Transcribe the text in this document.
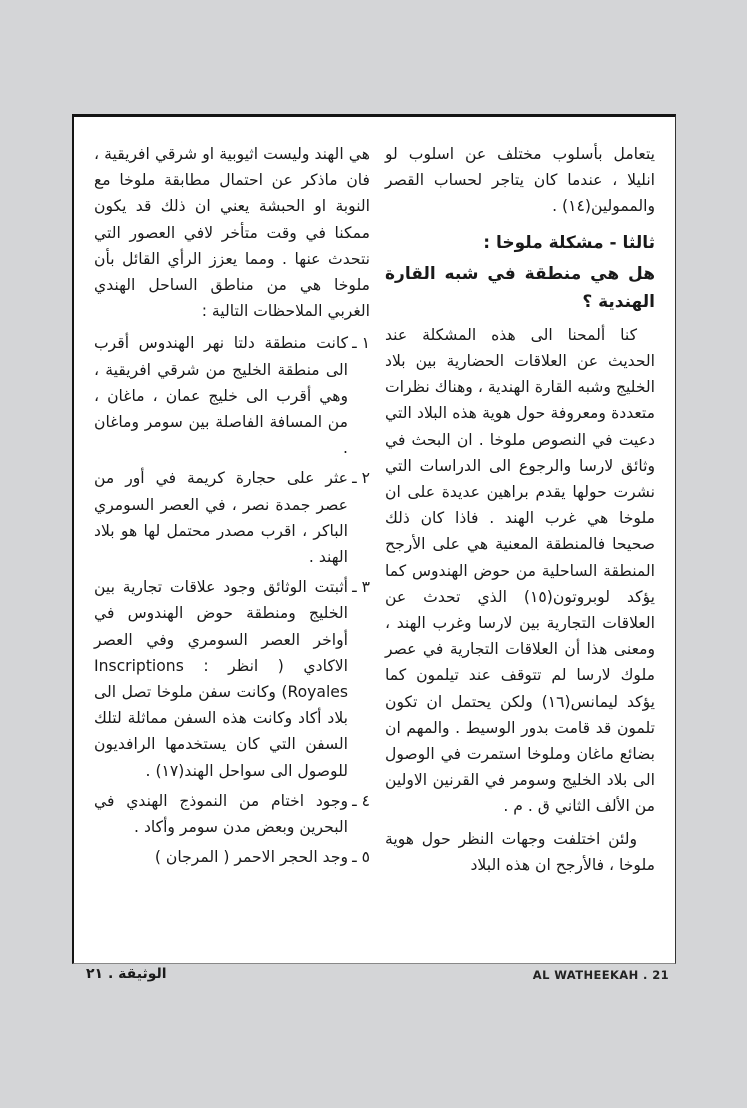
يتعامل بأسلوب مختلف عن اسلوب لو انليلا ، عندما كان يتاجر لحساب القصر والممولين(١٤) .

ثالثا - مشكلة ملوخا :

هل هي منطقة في شبه القارة الهندية ؟

كنا ألمحنا الى هذه المشكلة عند الحديث عن العلاقات الحضارية بين بلاد الخليج وشبه القارة الهندية ، وهناك نظرات متعددة ومعروفة حول هوية هذه البلاد التي دعيت في النصوص ملوخا . ان البحث في وثائق لارسا والرجوع الى الدراسات التي نشرت حولها يقدم براهين عديدة على ان ملوخا هي غرب الهند . فاذا كان ذلك صحيحا فالمنطقة المعنية هي على الأرجح المنطقة الساحلية من حوض الهندوس كما يؤكد لوبروتون(١٥) الذي تحدث عن العلاقات التجارية بين لارسا وغرب الهند ، ومعنى هذا أن العلاقات التجارية في عصر ملوك لارسا لم تتوقف عند تيلمون كما يؤكد ليمانس(١٦) ولكن يحتمل ان تكون تلمون قد قامت بدور الوسيط . والمهم ان بضائع ماغان وملوخا استمرت في الوصول الى بلاد الخليج وسومر في القرنين الاولين من الألف الثاني ق . م .

ولئن اختلفت وجهات النظر حول هوية ملوخا ، فالأرجح ان هذه البلاد

هي الهند وليست اثيوبية او شرقي افريقية ، فان ماذكر عن احتمال مطابقة ملوخا مع النوبة او الحبشة يعني ان ذلك قد يكون ممكنا في وقت متأخر لافي العصور التي نتحدث عنها . ومما يعزز الرأي القائل بأن ملوخا هي من مناطق الساحل الهندي الغربي الملاحظات التالية :

١ ـ
كانت منطقة دلتا نهر الهندوس أقرب الى منطقة الخليج من شرقي افريقية ، وهي أقرب الى خليج عمان ، ماغان ، من المسافة الفاصلة بين سومر وماغان .
٢ ـ
عثر على حجارة كريمة في أور من عصر جمدة نصر ، في العصر السومري الباكر ، اقرب مصدر محتمل لها هو بلاد الهند .
٣ ـ
أثبتت الوثائق وجود علاقات تجارية بين الخليج ومنطقة حوض الهندوس في أواخر العصر السومري وفي العصر الاكادي ( انظر : Inscriptions Royales) وكانت سفن ملوخا تصل الى بلاد أكاد وكانت هذه السفن مماثلة لتلك السفن التي كان يستخدمها الرافديون للوصول الى سواحل الهند(١٧) .
٤ ـ
وجود اختام من النموذج الهندي في البحرين وبعض مدن سومر وأكاد .
٥ ـ
وجد الحجر الاحمر ( المرجان )
الوثيقة . ٢١	AL WATHEEKAH . 21
